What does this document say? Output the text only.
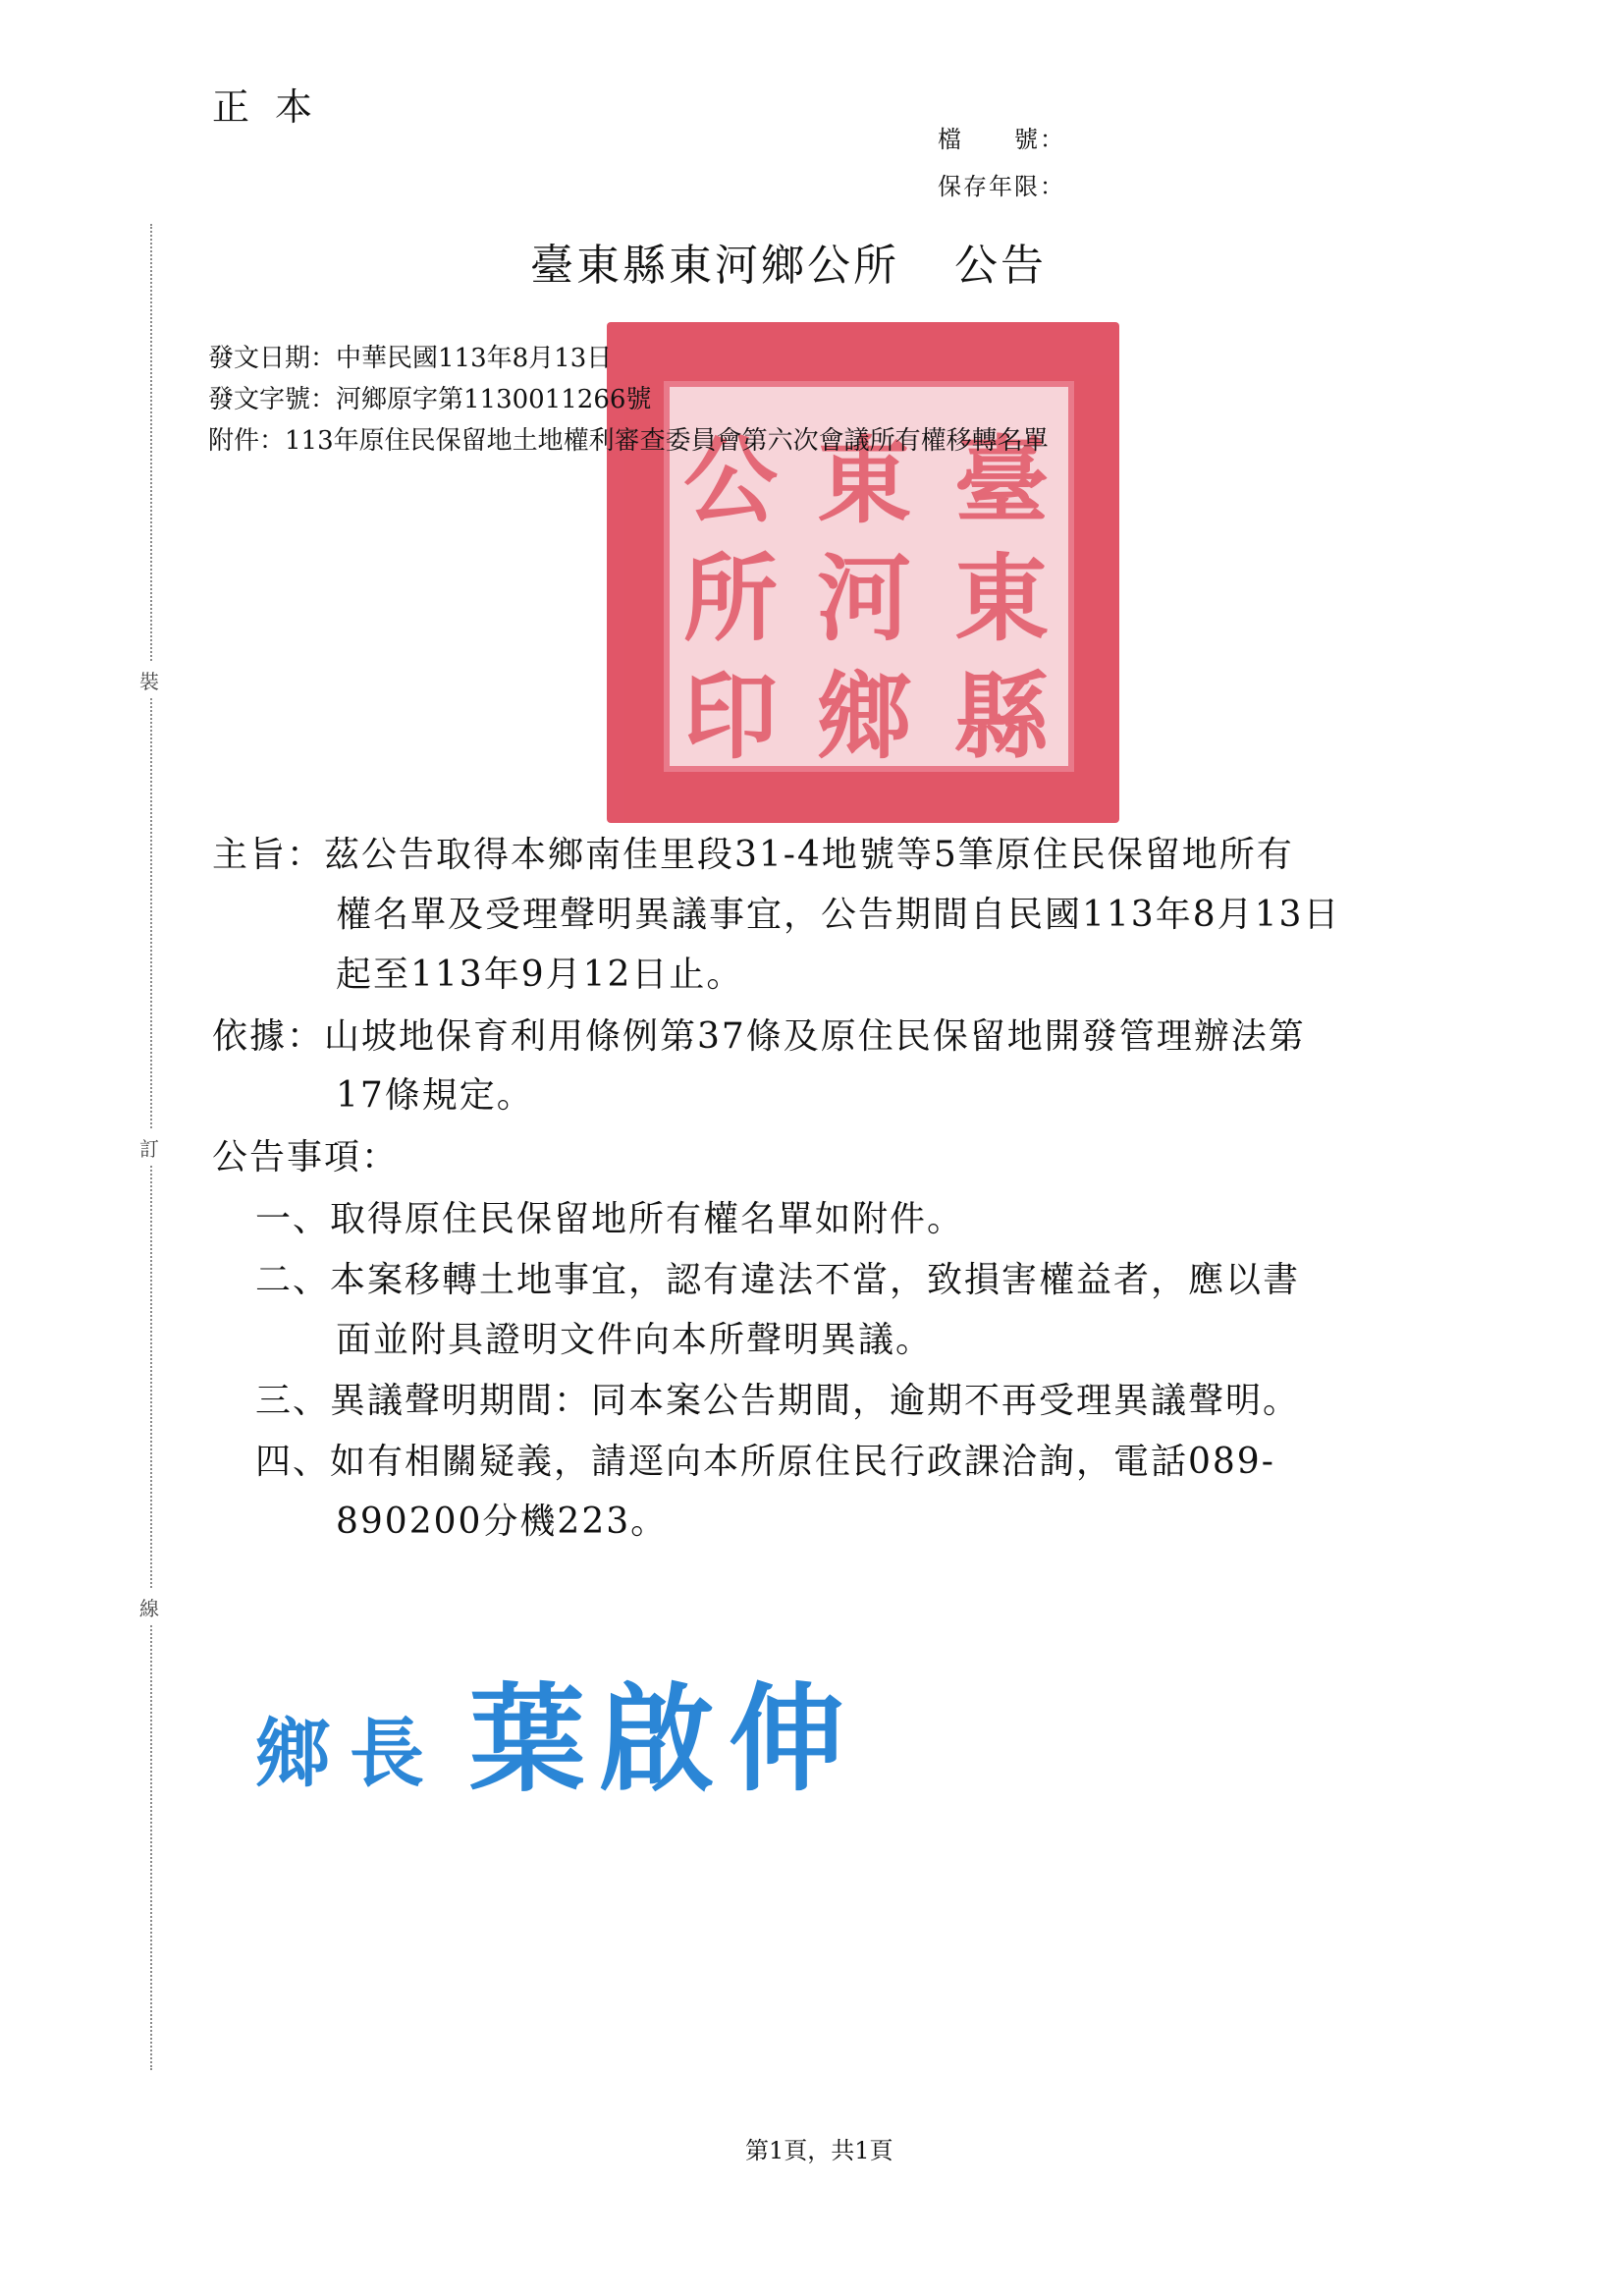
正本
檔　　號：
保存年限：
裝
訂
線
臺東縣東河鄉公所 公告
臺
東
縣
東
河
鄉
公
所
印
發文日期：中華民國113年8月13日
發文字號：河鄉原字第1130011266號
附件：113年原住民保留地土地權利審查委員會第六次會議所有權移轉名單
主旨：茲公告取得本鄉南佳里段31-4地號等5筆原住民保留地所有
權名單及受理聲明異議事宜，公告期間自民國113年8月13日
起至113年9月12日止。
依據：山坡地保育利用條例第37條及原住民保留地開發管理辦法第
17條規定。
公告事項：
一、取得原住民保留地所有權名單如附件。
二、本案移轉土地事宜，認有違法不當，致損害權益者，應以書
面並附具證明文件向本所聲明異議。
三、異議聲明期間：同本案公告期間，逾期不再受理異議聲明。
四、如有相關疑義，請逕向本所原住民行政課洽詢，電話089-
890200分機223。
鄉長 葉啟伸
第1頁，共1頁
